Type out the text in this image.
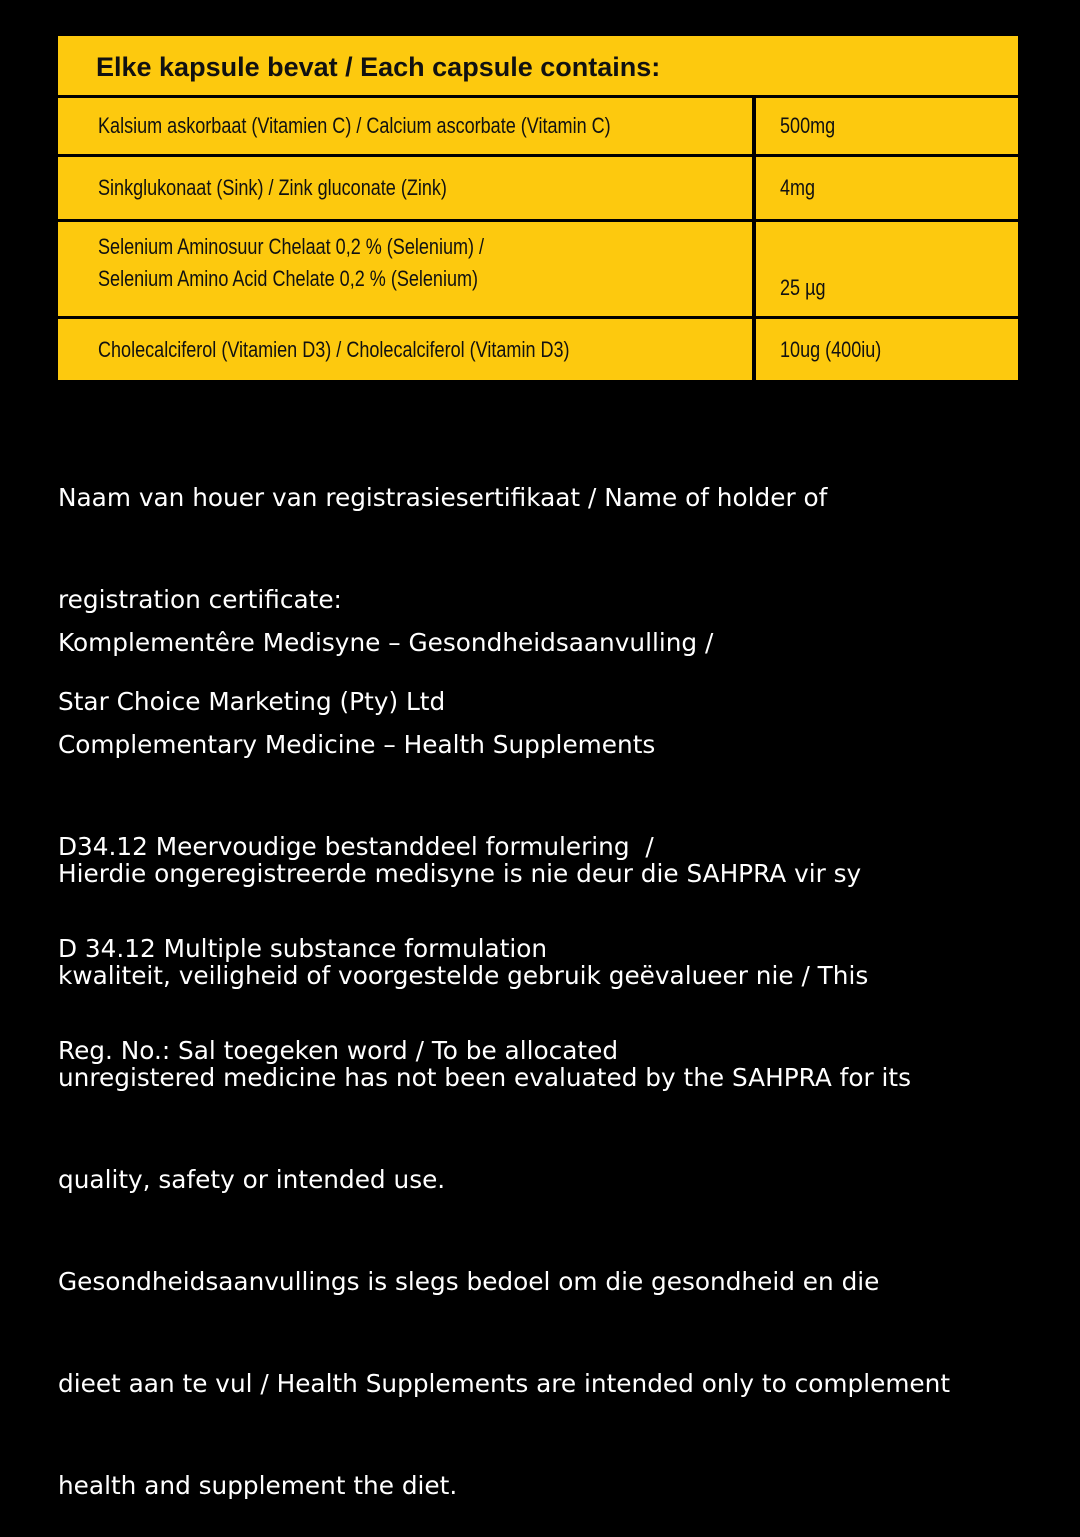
Elke kapsule bevat / Each capsule contains:
Kalsium askorbaat (Vitamien C) / Calcium ascorbate (Vitamin C)	500mg
Sinkglukonaat (Sink) / Zink gluconate (Zink)	4mg
Selenium Aminosuur Chelaat 0,2 % (Selenium) /
Selenium Amino Acid Chelate 0,2 % (Selenium)	25 µg
Cholecalciferol (Vitamien D3) / Cholecalciferol (Vitamin D3)	10ug (400iu)

Naam van houer van registrasiesertifikaat / Name of holder of

registration certificate:

Star Choice Marketing (Pty) Ltd

Komplementêre Medisyne – Gesondheidsaanvulling /

Complementary Medicine – Health Supplements

D34.12 Meervoudige bestanddeel formulering  /

D 34.12 Multiple substance formulation

Reg. No.: Sal toegeken word / To be allocated

Hierdie ongeregistreerde medisyne is nie deur die SAHPRA vir sy

kwaliteit, veiligheid of voorgestelde gebruik geëvalueer nie / This

unregistered medicine has not been evaluated by the SAHPRA for its

quality, safety or intended use.

Gesondheidsaanvullings is slegs bedoel om die gesondheid en die

dieet aan te vul / Health Supplements are intended only to complement

health and supplement the diet.
